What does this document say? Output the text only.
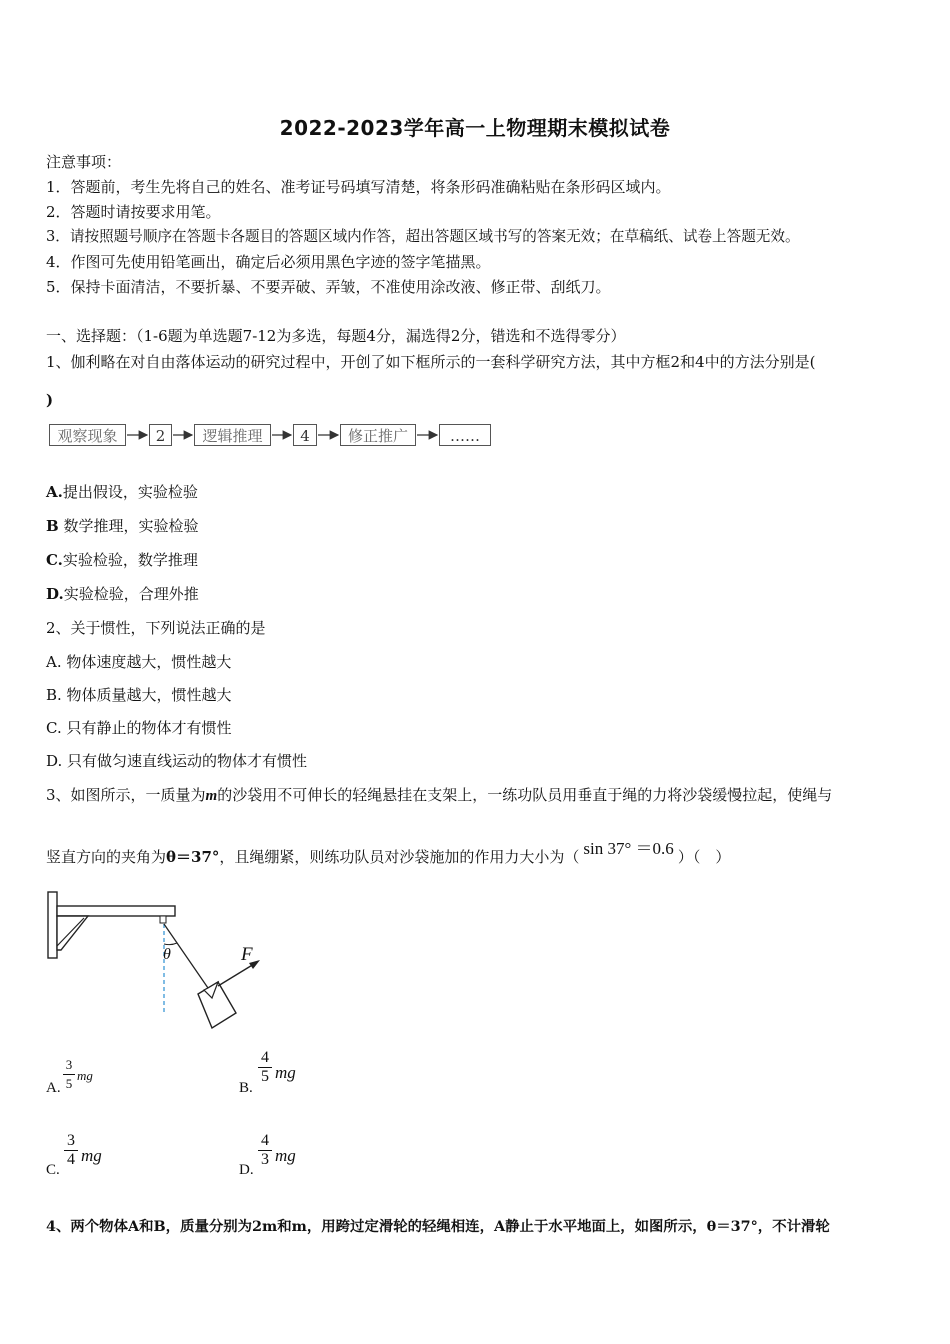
2022-2023学年高一上物理期末模拟试卷
注意事项：
1．答题前，考生先将自己的姓名、准考证号码填写清楚，将条形码准确粘贴在条形码区域内。
2．答题时请按要求用笔。
3．请按照题号顺序在答题卡各题目的答题区域内作答，超出答题区域书写的答案无效；在草稿纸、试卷上答题无效。
4．作图可先使用铅笔画出，确定后必须用黑色字迹的签字笔描黑。
5．保持卡面清洁，不要折暴、不要弄破、弄皱，不准使用涂改液、修正带、刮纸刀。
一、选择题：（1-6题为单选题7-12为多选，每题4分，漏选得2分，错选和不选得零分）
1、伽利略在对自由落体运动的研究过程中，开创了如下框所示的一套科学研究方法，其中方框2和4中的方法分别是(
)
观察现象	2	逻辑推理	4	修正推广	……
A.提出假设，实验检验
B 数学推理，实验检验
C.实验检验，数学推理
D.实验检验，合理外推
2、关于惯性，下列说法正确的是
A. 物体速度越大，惯性越大
B. 物体质量越大，惯性越大
C. 只有静止的物体才有惯性
D. 只有做匀速直线运动的物体才有惯性
3、如图所示，一质量为m的沙袋用不可伸长的轻绳悬挂在支架上，一练功队员用垂直于绳的力将沙袋缓慢拉起，使绳与
竖直方向的夹角为θ＝37°，且绳绷紧，则练功队员对沙袋施加的作用力大小为（ sin 37° ＝0.6 ）（　）
θ	F
A.
3
5
mg
B.
4
5 mg
C.
3
4 mg
D.
4
3 mg
4、两个物体A和B，质量分别为2m和m，用跨过定滑轮的轻绳相连，A静止于水平地面上，如图所示，θ＝37°，不计滑轮
